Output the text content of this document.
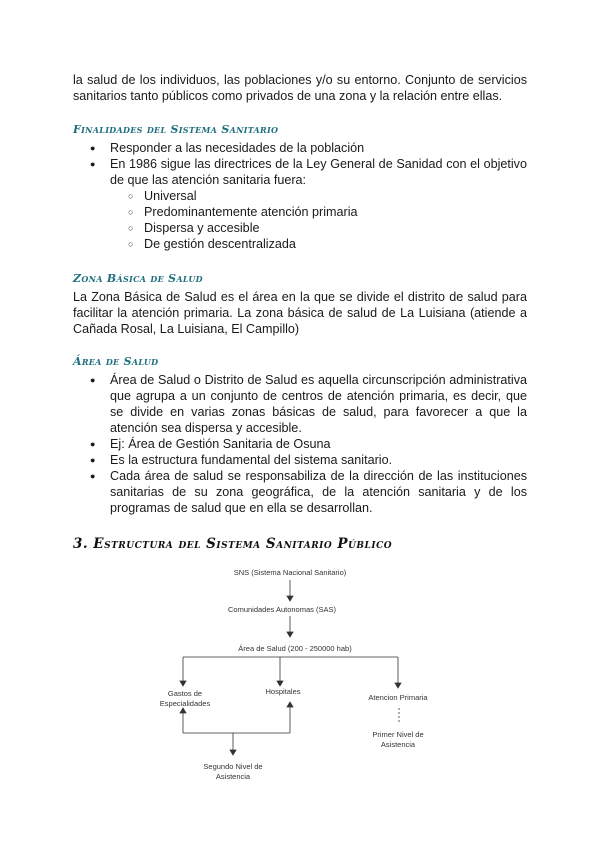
la salud de los individuos, las poblaciones y/o su entorno. Conjunto de servicios sanitarios tanto públicos como privados de una zona y la relación entre ellas.

Finalidades del Sistema Sanitario
● Responder a las necesidades de la población
● En 1986 sigue las directrices de la Ley General de Sanidad con el objetivo de que las atención sanitaria fuera:
○ Universal
○ Predominantemente atención primaria
○ Dispersa y accesible
○ De gestión descentralizada
Zona Básica de Salud

La Zona Básica de Salud es el área en la que se divide el distrito de salud para facilitar la atención primaria. La zona básica de salud de La Luisiana (atiende a Cañada Rosal, La Luisiana, El Campillo)

Área de Salud
● Área de Salud o Distrito de Salud es aquella circunscripción administrativa que agrupa a un conjunto de centros de atención primaria, es decir, que se divide en varias zonas básicas de salud, para favorecer a que la atención sea dispersa y accesible.
● Ej: Área de Gestión Sanitaria de Osuna
● Es la estructura fundamental del sistema sanitario.
● Cada área de salud se responsabiliza de la dirección de las instituciones sanitarias de su zona geográfica, de la atención sanitaria y de los programas de salud que en ella se desarrollan.
3. Estructura del Sistema Sanitario Público
SNS (Sistema Nacional Sanitario)
Comunidades Autonomas (SAS)
Área de Salud (200 - 250000 hab)
Gastos de
Especialidades
Hospitales
Atencion Primaria
Primer Nivel de
Asistencia
Segundo Nivel de
Asistencia
